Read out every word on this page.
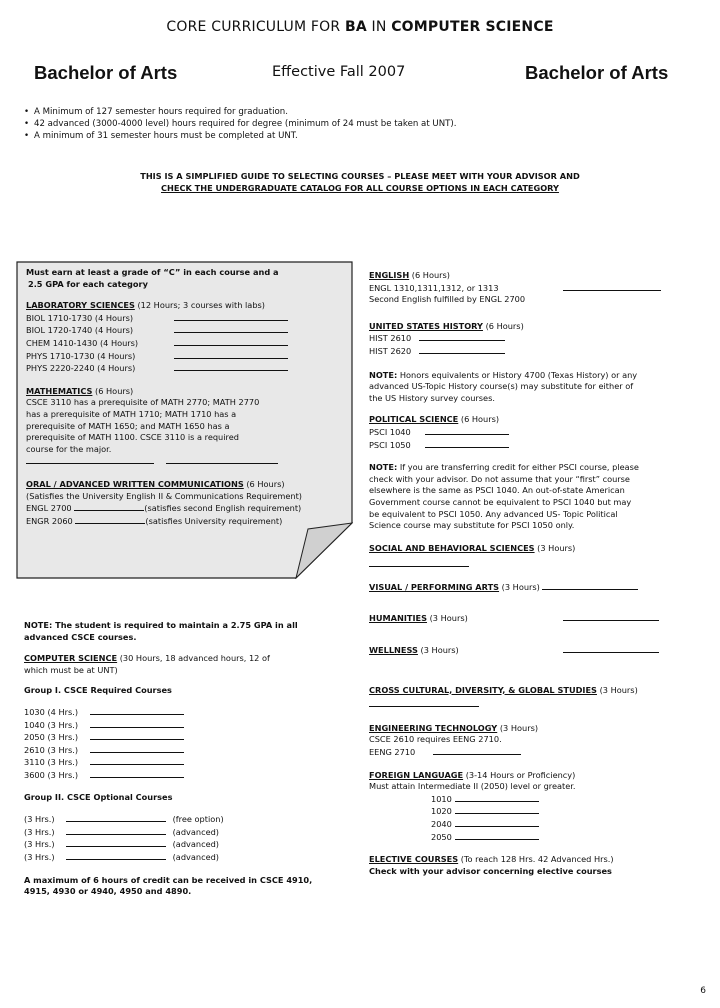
CORE CURRICULUM FOR BA IN COMPUTER SCIENCE
Bachelor of Arts	Effective Fall 2007	Bachelor of Arts
• A Minimum of 127 semester hours required for graduation.
• 42 advanced (3000-4000 level) hours required for degree (minimum of 24 must be taken at UNT).
• A minimum of 31 semester hours must be completed at UNT.
THIS IS A SIMPLIFIED GUIDE TO SELECTING COURSES – PLEASE MEET WITH YOUR ADVISOR AND
CHECK THE UNDERGRADUATE CATALOG FOR ALL COURSE OPTIONS IN EACH CATEGORY
Must earn at least a grade of “C” in each course and a
2.5 GPA for each category
LABORATORY SCIENCES (12 Hours; 3 courses with labs)
BIOL 1710-1730 (4 Hours)
BIOL 1720-1740 (4 Hours)
CHEM 1410-1430 (4 Hours)
PHYS 1710-1730 (4 Hours)
PHYS 2220-2240 (4 Hours)
MATHEMATICS (6 Hours)
CSCE 3110 has a prerequisite of MATH 2770; MATH 2770
has a prerequisite of MATH 1710; MATH 1710 has a
prerequisite of MATH 1650; and MATH 1650 has a
prerequisite of MATH 1100. CSCE 3110 is a required
course for the major.
ORAL / ADVANCED WRITTEN COMMUNICATIONS (6 Hours)
(Satisfies the University English II & Communications Requirement)
ENGL 2700	(satisfies second English requirement)
ENGR 2060	(satisfies University requirement)
ENGLISH (6 Hours)
ENGL 1310,1311,1312, or 1313
Second English fulfilled by ENGL 2700
UNITED STATES HISTORY (6 Hours)
HIST 2610
HIST 2620
NOTE: Honors equivalents or History 4700 (Texas History) or any
advanced US-Topic History course(s) may substitute for either of
the US History survey courses.
POLITICAL SCIENCE (6 Hours)
PSCI 1040
PSCI 1050
NOTE: If you are transferring credit for either PSCI course, please
check with your advisor. Do not assume that your “first” course
elsewhere is the same as PSCI 1040. An out-of-state American
Government course cannot be equivalent to PSCI 1040 but may
be equivalent to PSCI 1050. Any advanced US- Topic Political
Science course may substitute for PSCI 1050 only.
SOCIAL AND BEHAVIORAL SCIENCES (3 Hours)
VISUAL / PERFORMING ARTS (3 Hours)
HUMANITIES (3 Hours)
WELLNESS (3 Hours)
CROSS CULTURAL, DIVERSITY, & GLOBAL STUDIES (3 Hours)
ENGINEERING TECHNOLOGY (3 Hours)
CSCE 2610 requires EENG 2710.
EENG 2710
FOREIGN LANGUAGE (3-14 Hours or Proficiency)
Must attain Intermediate II (2050) level or greater.
1010
1020
2040
2050
ELECTIVE COURSES (To reach 128 Hrs. 42 Advanced Hrs.)
Check with your advisor concerning elective courses
NOTE: The student is required to maintain a 2.75 GPA in all
advanced CSCE courses.
COMPUTER SCIENCE (30 Hours, 18 advanced hours, 12 of
which must be at UNT)
Group I. CSCE Required Courses
1030 (4 Hrs.)
1040 (3 Hrs.)
2050 (3 Hrs.)
2610 (3 Hrs.)
3110 (3 Hrs.)
3600 (3 Hrs.)
Group II. CSCE Optional Courses
(3 Hrs.)	(free option)
(3 Hrs.)	(advanced)
(3 Hrs.)	(advanced)
(3 Hrs.)	(advanced)
A maximum of 6 hours of credit can be received in CSCE 4910,
4915, 4930 or 4940, 4950 and 4890.
6
